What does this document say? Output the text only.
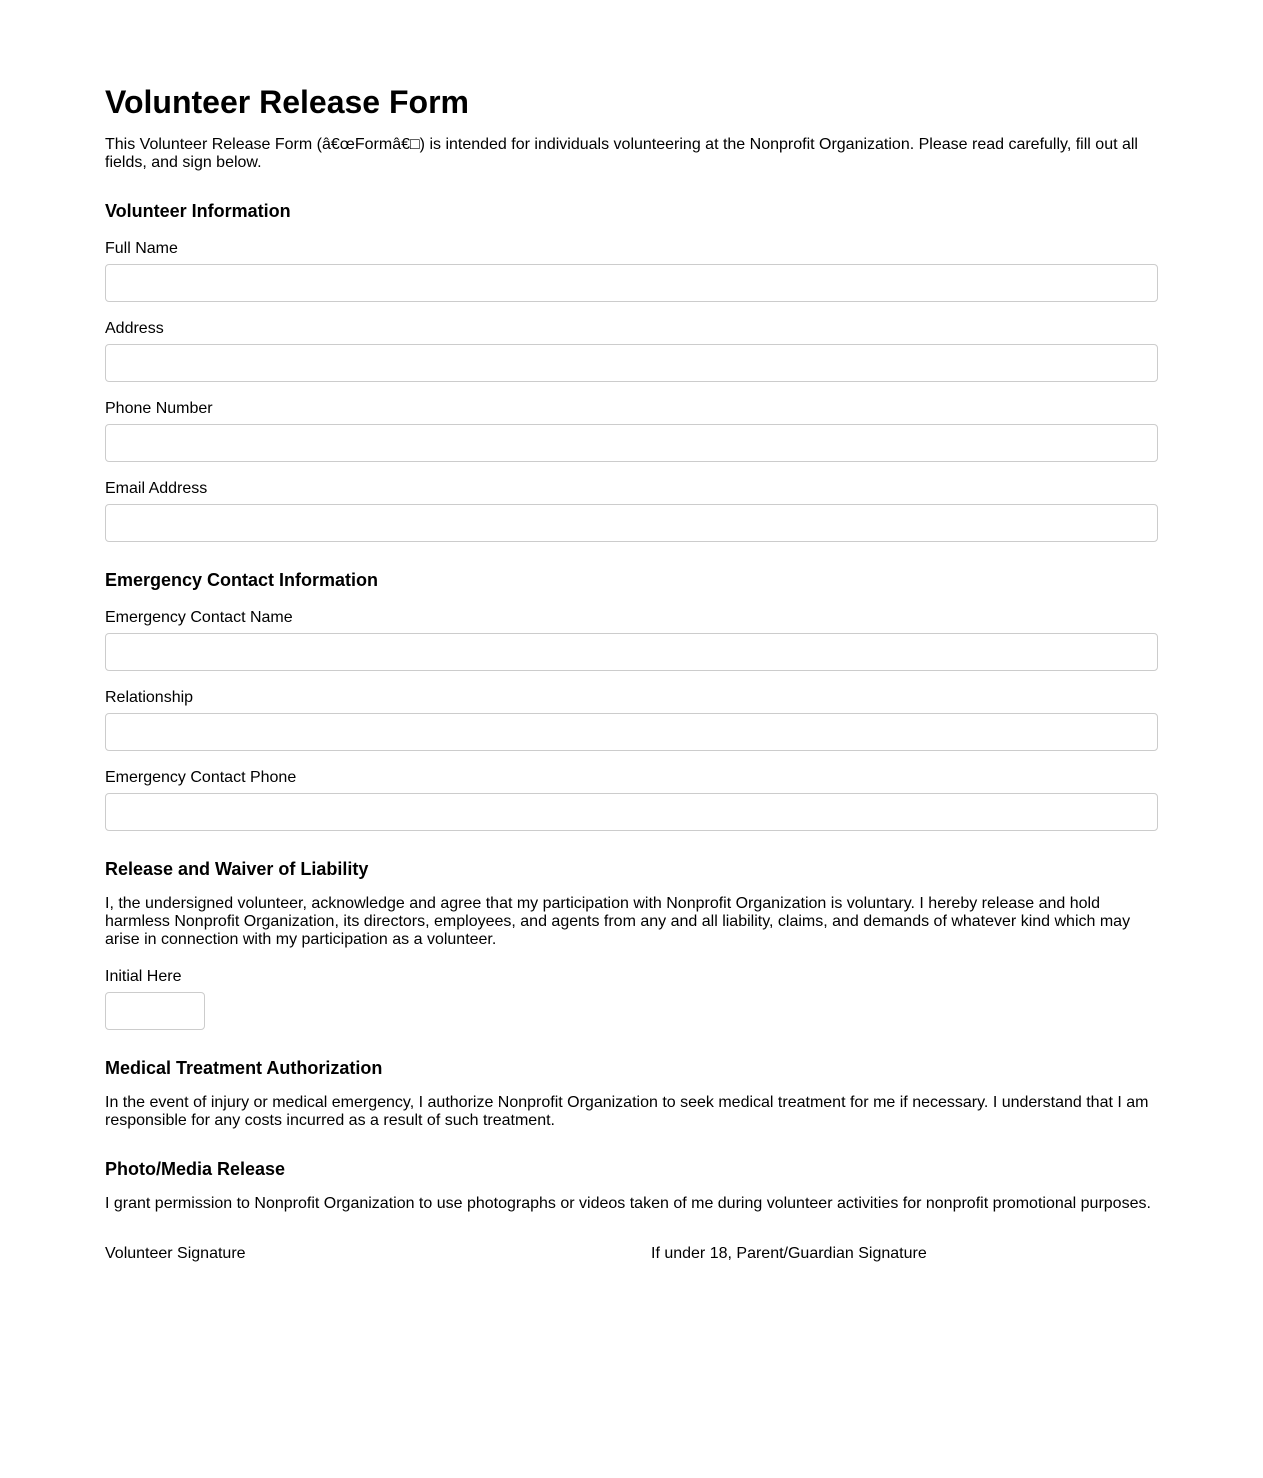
Volunteer Release Form

This Volunteer Release Form (â€œFormâ€□) is intended for individuals volunteering at the Nonprofit Organization. Please read carefully, fill out all fields, and sign below.

Volunteer Information
Full Name
Address
Phone Number
Email Address
Emergency Contact Information
Emergency Contact Name
Relationship
Emergency Contact Phone
Release and Waiver of Liability

I, the undersigned volunteer, acknowledge and agree that my participation with Nonprofit Organization is voluntary. I hereby release and hold harmless Nonprofit Organization, its directors, employees, and agents from any and all liability, claims, and demands of whatever kind which may arise in connection with my participation as a volunteer.

Initial Here
Medical Treatment Authorization

In the event of injury or medical emergency, I authorize Nonprofit Organization to seek medical treatment for me if necessary. I understand that I am responsible for any costs incurred as a result of such treatment.

Photo/Media Release

I grant permission to Nonprofit Organization to use photographs or videos taken of me during volunteer activities for nonprofit promotional purposes.

Volunteer Signature	If under 18, Parent/Guardian Signature
